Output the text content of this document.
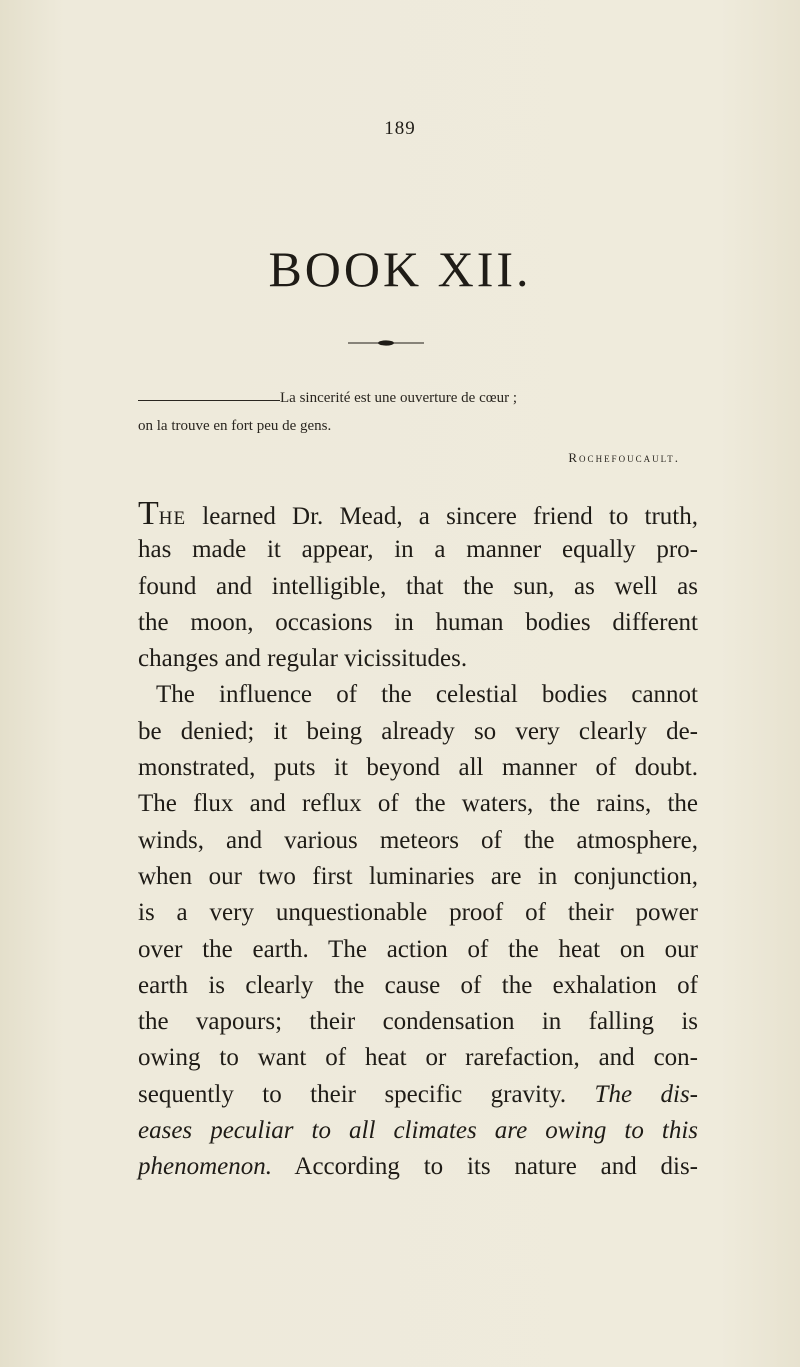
189
BOOK XII.
La sincerité est une ouverture de cœur ;
on la trouve en fort peu de gens.
Rochefoucault.
THE learned Dr. Mead, a sincere friend to truth,
has made it appear, in a manner equally pro-
found and intelligible, that the sun, as well as
the moon, occasions in human bodies different
changes and regular vicissitudes.
The influence of the celestial bodies cannot
be denied; it being already so very clearly de-
monstrated, puts it beyond all manner of doubt.
The flux and reflux of the waters, the rains, the
winds, and various meteors of the atmosphere,
when our two first luminaries are in conjunction,
is a very unquestionable proof of their power
over the earth. The action of the heat on our
earth is clearly the cause of the exhalation of
the vapours; their condensation in falling is
owing to want of heat or rarefaction, and con-
sequently to their specific gravity. The dis-
eases peculiar to all climates are owing to this
phenomenon. According to its nature and dis-
